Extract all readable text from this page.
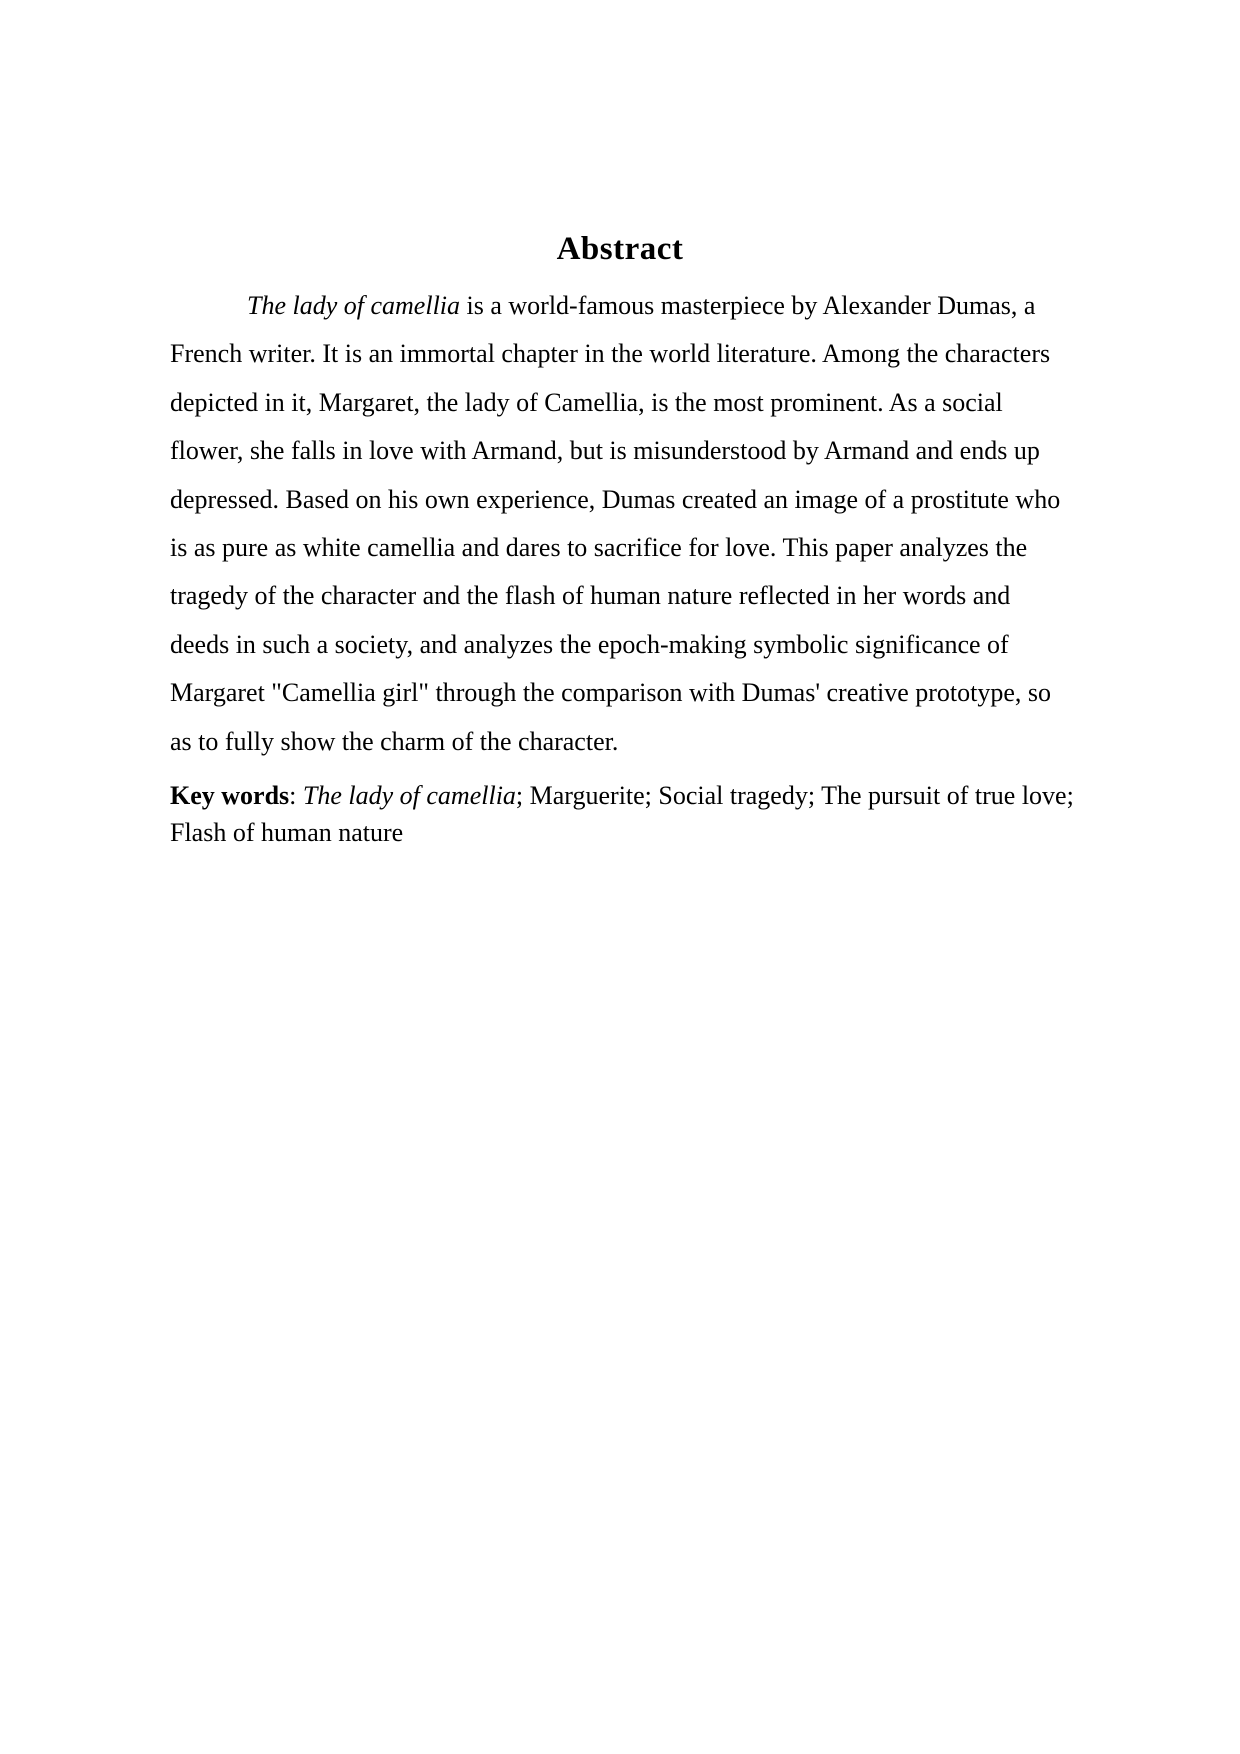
Abstract
The lady of camellia is a world-famous masterpiece by Alexander Dumas, a
French writer. It is an immortal chapter in the world literature. Among the characters
depicted in it, Margaret, the lady of Camellia, is the most prominent. As a social
flower, she falls in love with Armand, but is misunderstood by Armand and ends up
depressed. Based on his own experience, Dumas created an image of a prostitute who
is as pure as white camellia and dares to sacrifice for love. This paper analyzes the
tragedy of the character and the flash of human nature reflected in her words and
deeds in such a society, and analyzes the epoch-making symbolic significance of
Margaret "Camellia girl" through the comparison with Dumas' creative prototype, so
as to fully show the charm of the character.
Key words: The lady of camellia; Marguerite; Social tragedy; The pursuit of true love;
Flash of human nature
